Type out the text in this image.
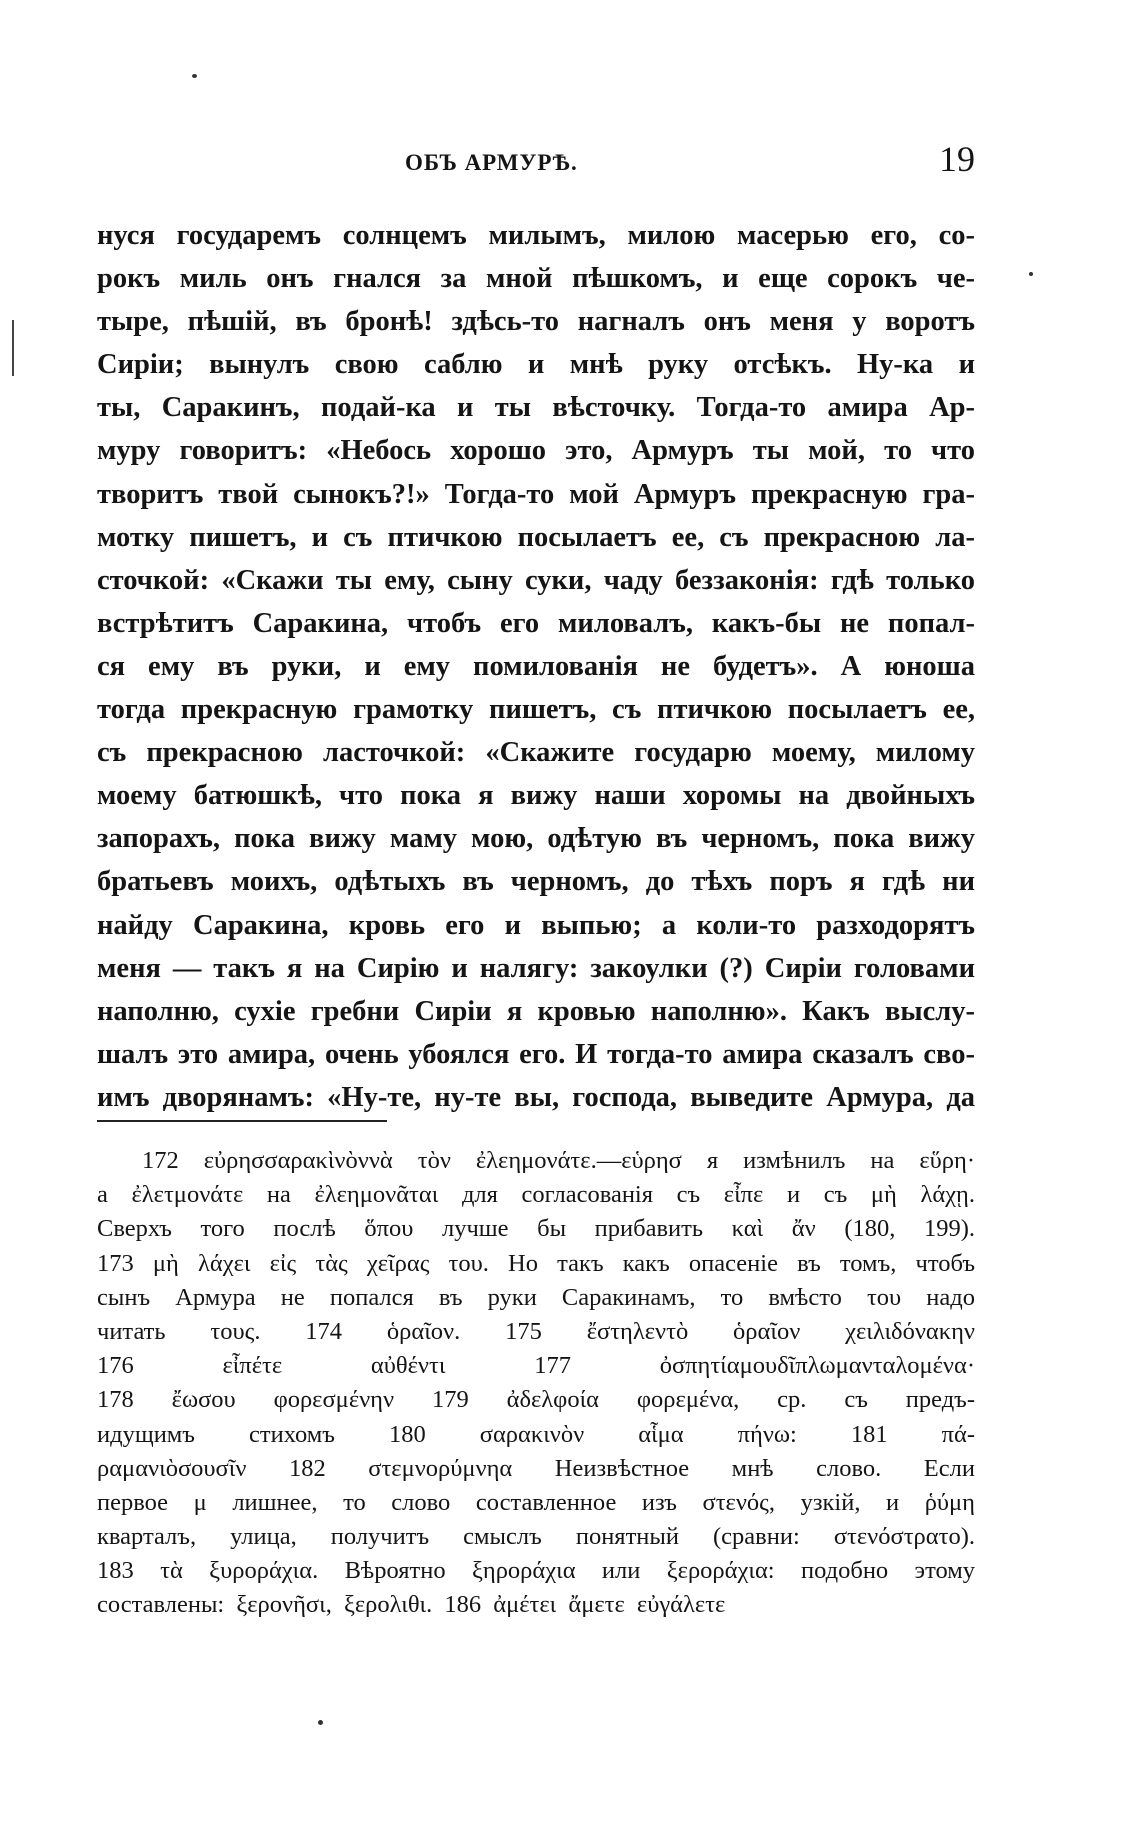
ОБЪ АРМУРѢ.	19
нуся государемъ солнцемъ милымъ, милою масерью его, со-
рокъ миль онъ гнался за мной пѣшкомъ, и еще сорокъ че-
тыре, пѣшій, въ бронѣ! здѣсь-то нагналъ онъ меня у воротъ
Сиріи; вынулъ свою саблю и мнѣ руку отсѣкъ. Ну-ка и
ты, Саракинъ, подай-ка и ты вѣсточку. Тогда-то амира Ар-
муру говоритъ: «Небось хорошо это, Армуръ ты мой, то что
творитъ твой сынокъ?!» Тогда-то мой Армуръ прекрасную гра-
мотку пишетъ, и съ птичкою посылаетъ ее, съ прекрасною ла-
сточкой: «Скажи ты ему, сыну суки, чаду беззаконія: гдѣ только
встрѣтитъ Саракина, чтобъ его миловалъ, какъ-бы не попал-
ся ему въ руки, и ему помилованія не будетъ». А юноша
тогда прекрасную грамотку пишетъ, съ птичкою посылаетъ ее,
съ прекрасною ласточкой: «Скажите государю моему, милому
моему батюшкѣ, что пока я вижу наши хоромы на двойныхъ
запорахъ, пока вижу маму мою, одѣтую въ черномъ, пока вижу
братьевъ моихъ, одѣтыхъ въ черномъ, до тѣхъ поръ я гдѣ ни
найду Саракина, кровь его и выпью; а коли-то разходорятъ
меня — такъ я на Сирію и налягу: закоулки (?) Сиріи головами
наполню, сухіе гребни Сиріи я кровью наполню». Какъ выслу-
шалъ это амира, очень убоялся его. И тогда-то амира сказалъ сво-
имъ дворянамъ: «Ну-те, ну-те вы, господа, выведите Армура, да
172 εὐρησσαρακὶνὸννὰ τὸν ἐλεημονάτε.—εὑρησ я измѣнилъ на εὕρη·
а ἐλετμονάτε на ἐλεημονᾶται для согласованія съ εἶπε и съ μὴ λάχῃ.
Сверхъ того послѣ ὅπου лучше бы прибавить καὶ ἄν (180, 199).
173 μὴ λάχει εἰς τὰς χεῖρας του. Но такъ какъ опасеніе въ томъ, чтобъ
сынъ Армура не попался въ руки Саракинамъ, то вмѣсто του надо
читать τους. 174 ὁραῖον. 175 ἔστηλεντὸ ὁραῖον χειλιδόνακην
176 εἶπέτε αὐθέντι 177 ὀσπητίαμουδῖπλωμανταλομένα·
178 ἔωσου φορεσμένην 179 ἀδελφοία φορεμένα, ср. съ предъ-
идущимъ стихомъ 180 σαρακινὸν αἷμα πήνω: 181 πά-
ραμανιὸσουσῖν 182 στεμνορύμνηα Неизвѣстное мнѣ слово. Если
первое μ лишнее, то слово составленное изъ στενός, узкій, и ῥύμη
кварталъ, улица, получитъ смыслъ понятный (сравни: στενόστρατο).
183 τὰ ξυροράχια. Вѣроятно ξηροράχια или ξεροράχια: подобно этому
составлены: ξερονῆσι, ξερολιθι. 186 ἀμέτει ἄμετε εὐγάλετε
